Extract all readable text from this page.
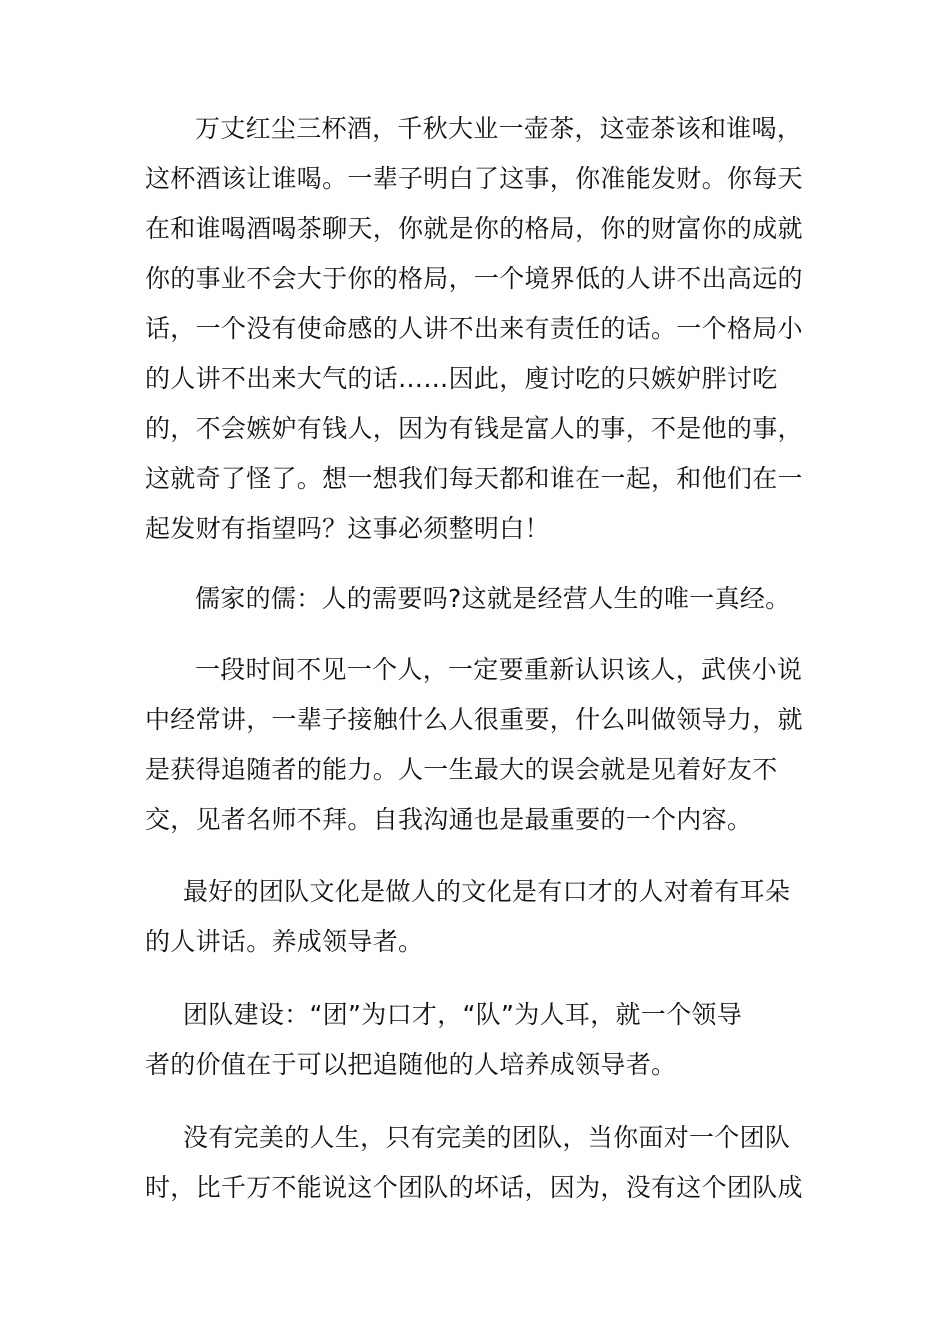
万丈红尘三杯酒，千秋大业一壶茶，这壶茶该和谁喝，
这杯酒该让谁喝。一辈子明白了这事，你准能发财。你每天
在和谁喝酒喝茶聊天，你就是你的格局，你的财富你的成就
你的事业不会大于你的格局，一个境界低的人讲不出高远的
话，一个没有使命感的人讲不出来有责任的话。一个格局小
的人讲不出来大气的话……因此，廋讨吃的只嫉妒胖讨吃
的，不会嫉妒有钱人，因为有钱是富人的事，不是他的事，
这就奇了怪了。想一想我们每天都和谁在一起，和他们在一
起发财有指望吗？这事必须整明白！
儒家的儒：人的需要吗?这就是经营人生的唯一真经。
一段时间不见一个人，一定要重新认识该人，武侠小说
中经常讲，一辈子接触什么人很重要，什么叫做领导力，就
是获得追随者的能力。人一生最大的误会就是见着好友不
交，见者名师不拜。自我沟通也是最重要的一个内容。
最好的团队文化是做人的文化是有口才的人对着有耳朵
的人讲话。养成领导者。
团队建设：“团”为口才，“队”为人耳，就一个领导
者的价值在于可以把追随他的人培养成领导者。
没有完美的人生，只有完美的团队，当你面对一个团队
时，比千万不能说这个团队的坏话，因为，没有这个团队成
